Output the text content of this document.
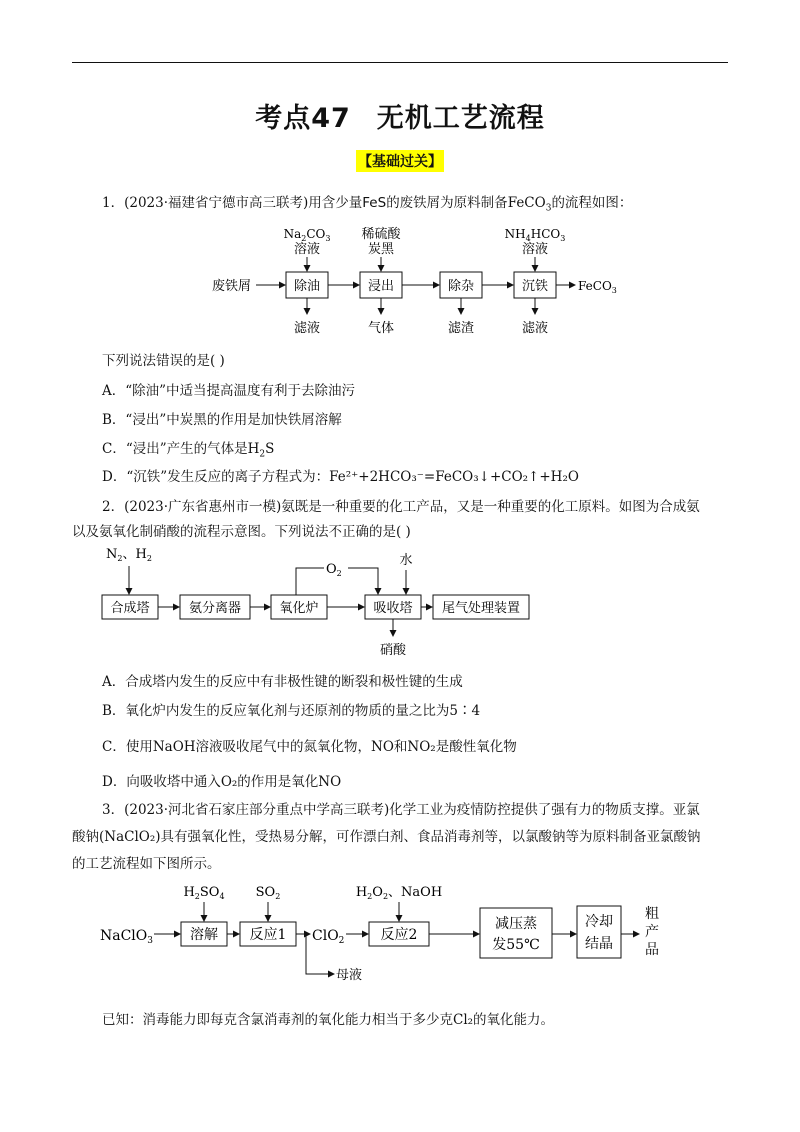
考点47 无机工艺流程
【基础过关】
1．(2023·福建省宁德市高三联考)用含少量FeS的废铁屑为原料制备FeCO$_3$的流程如图：
废铁屑	除油	浸出	除杂	沉铁 FeCO$_3$
$Na_2CO_3$
溶液
稀硫酸
炭黑
$NH_4HCO_3$
溶液
滤液	气体	滤渣	滤液
下列说法错误的是( )
A．“除油”中适当提高温度有利于去除油污
B．“浸出”中炭黑的作用是加快铁屑溶解
C．“浸出”产生的气体是$H_2S$
D．“沉铁”发生反应的离子方程式为：Fe²⁺+2HCO₃⁻=FeCO₃↓+CO₂↑+H₂O
2．(2023·广东省惠州市一模)氨既是一种重要的化工产品，又是一种重要的化工原料。如图为合成氨
以及氨氧化制硝酸的流程示意图。下列说法不正确的是( )
$N_2$、$H_2$
合成塔	氨分离器	氧化炉	吸收塔 尾气处理装置
$O_2$
水
硝酸
A．合成塔内发生的反应中有非极性键的断裂和极性键的生成
B．氧化炉内发生的反应氧化剂与还原剂的物质的量之比为5∶4
C．使用NaOH溶液吸收尾气中的氮氧化物，NO和NO₂是酸性氧化物
D．向吸收塔中通入O₂的作用是氧化NO
3．(2023·河北省石家庄部分重点中学高三联考)化学工业为疫情防控提供了强有力的物质支撑。亚氯
酸钠(NaClO₂)具有强氧化性，受热易分解，可作漂白剂、食品消毒剂等，以氯酸钠等为原料制备亚氯酸钠
的工艺流程如下图所示。
NaClO$_3$	溶解 反应1 ClO$_2$	反应2
减压蒸
发55℃
冷却
结晶
粗
产
品
$H_2SO_4$ $SO_2$	$H_2O_2$、NaOH
母液
已知：消毒能力即每克含氯消毒剂的氧化能力相当于多少克Cl₂的氧化能力。
